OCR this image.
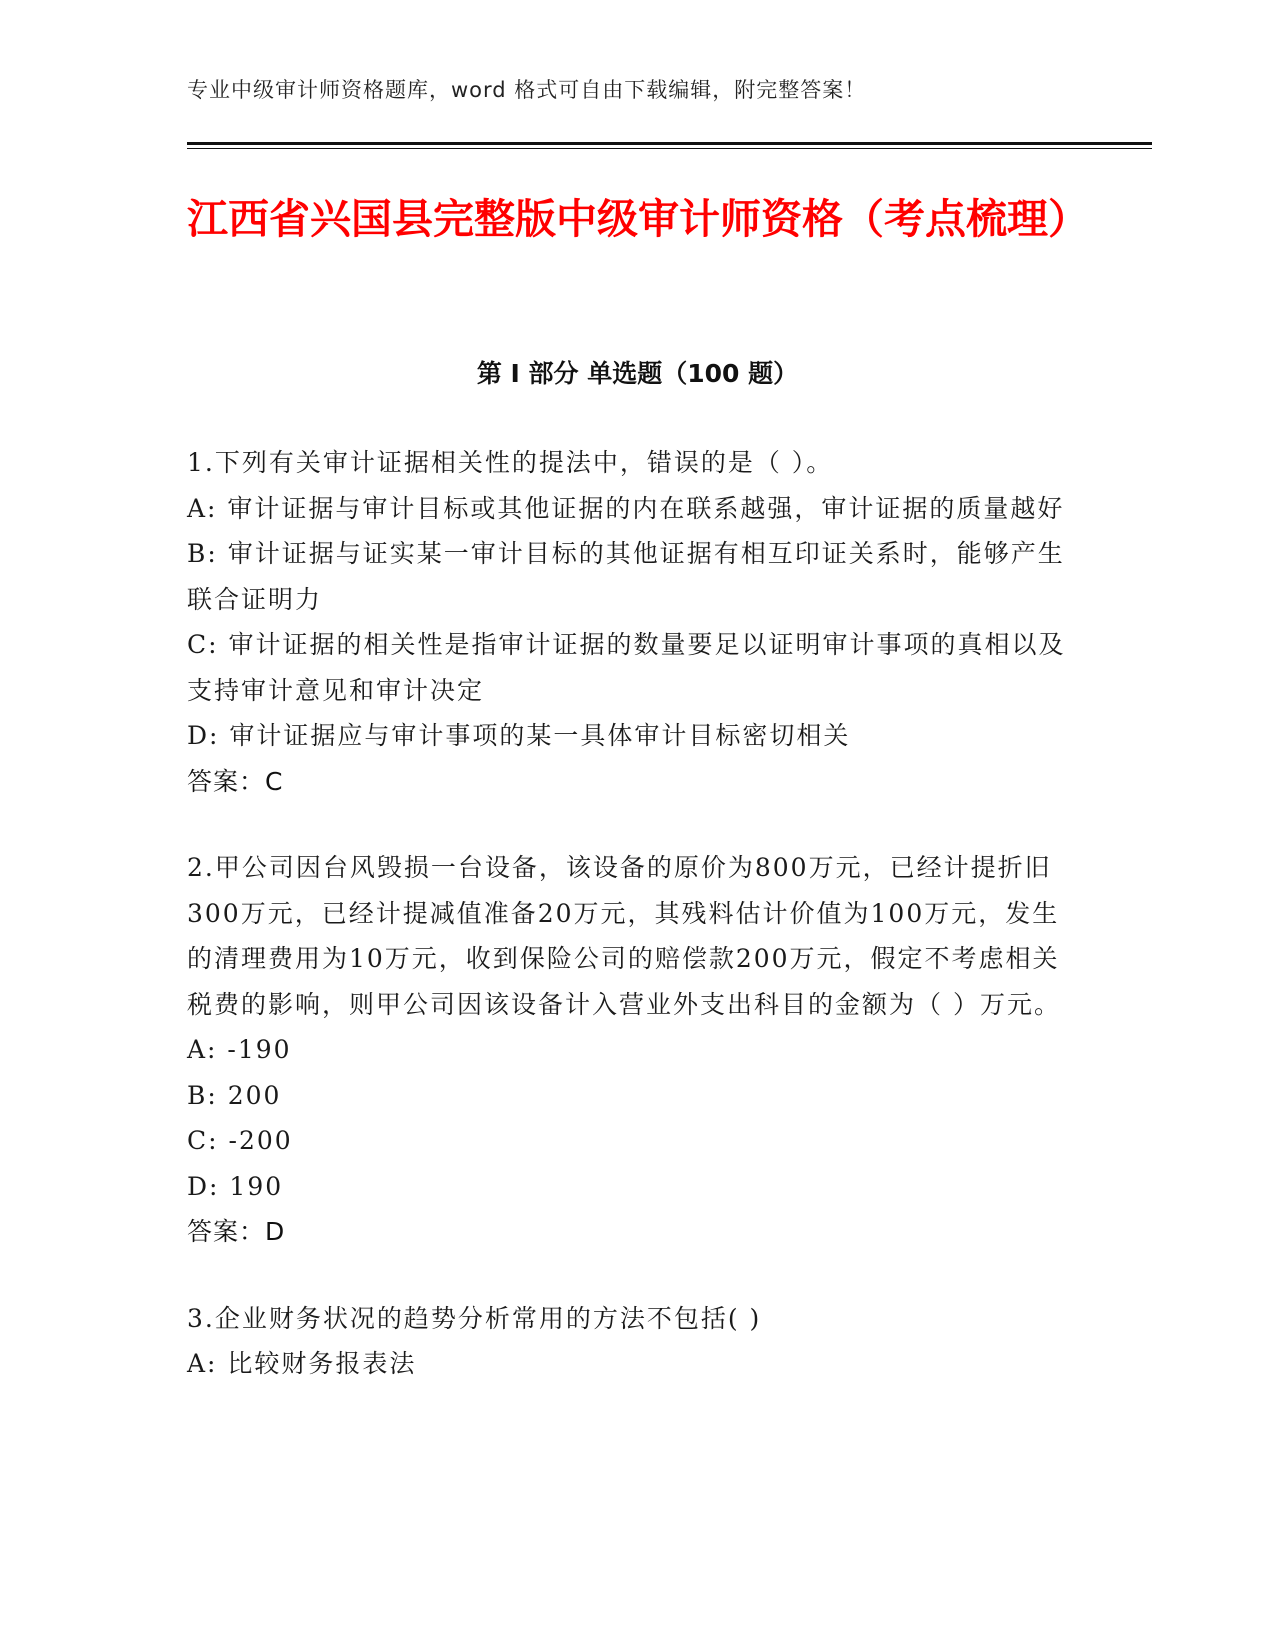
专业中级审计师资格题库，word 格式可自由下载编辑，附完整答案！
江西省兴国县完整版中级审计师资格（考点梳理）
第 I 部分 单选题（100 题）
1.下列有关审计证据相关性的提法中，错误的是（ ）。
A: 审计证据与审计目标或其他证据的内在联系越强，审计证据的质量越好
B: 审计证据与证实某一审计目标的其他证据有相互印证关系时，能够产生联合证明力
C: 审计证据的相关性是指审计证据的数量要足以证明审计事项的真相以及支持审计意见和审计决定
D: 审计证据应与审计事项的某一具体审计目标密切相关
答案：C
2.甲公司因台风毁损一台设备，该设备的原价为800万元，已经计提折旧300万元，已经计提减值准备20万元，其残料估计价值为100万元，发生的清理费用为10万元，收到保险公司的赔偿款200万元，假定不考虑相关税费的影响，则甲公司因该设备计入营业外支出科目的金额为（ ）万元。
A: -190
B: 200
C: -200
D: 190
答案：D
3.企业财务状况的趋势分析常用的方法不包括( )
A: 比较财务报表法
